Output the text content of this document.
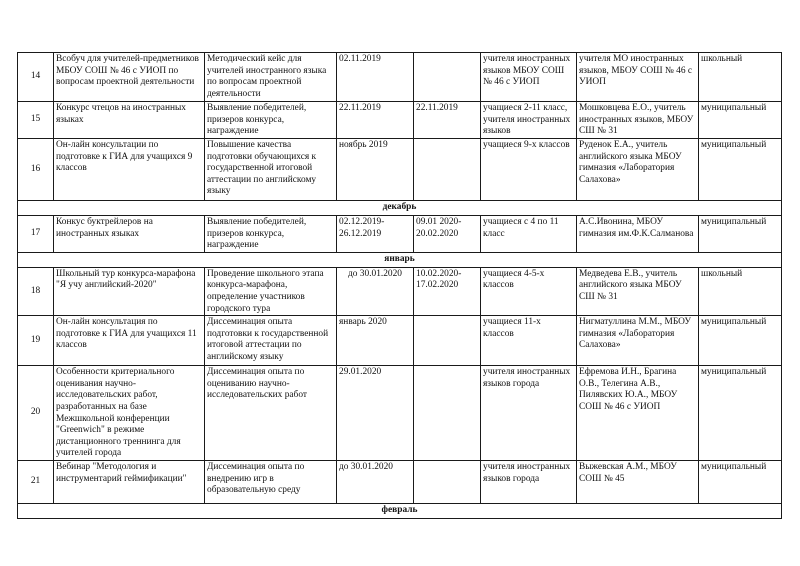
14	Всобуч для учителей-предметников МБОУ СОШ № 46 с УИОП по вопросам проектной деятельности	Методический кейс для учителей иностранного языка по вопросам проектной деятельности	02.11.2019		учителя иностранных языков МБОУ СОШ № 46 с УИОП	учителя МО иностранных языков, МБОУ СОШ № 46 с УИОП	школьный
15	Конкурс чтецов на иностранных языках	Выявление победителей, призеров конкурса, награждение	22.11.2019	22.11.2019	учащиеся 2-11 класс, учителя иностранных языков	Мошковцева Е.О., учитель иностранных языков, МБОУ СШ № 31	муниципальный
16	Он-лайн консультации по подготовке к ГИА для учащихся 9 классов	Повышение качества подготовки обучающихся к государственной итоговой аттестации по английскому языку	ноябрь 2019		учащиеся 9-х классов	Руденок Е.А., учитель английского языка МБОУ гимназия «Лаборатория Салахова»	муниципальный
декабрь							
17	Конкус буктрейлеров на иностранных языках	Выявление победителей, призеров конкурса, награждение	02.12.2019-26.12.2019	09.01 2020-20.02.2020	учащиеся с 4 по 11 класс	А.С.Ивонина, МБОУ гимназия им.Ф.К.Салманова	муниципальный
январь							
18	Школьный тур конкурса-марафона "Я учу английский-2020"	Проведение школьного этапа конкурса-марафона, определение участников городского тура	до 30.01.2020	10.02.2020-17.02.2020	учащиеся 4-5-х классов	Медведева Е.В., учитель английского языка МБОУ СШ № 31	школьный
19	Он-лайн консультация по подготовке к ГИА для учащихся 11 классов	Диссеминация опыта подготовки к государственной итоговой аттестации по английскому языку	январь 2020		учащиеся 11-х классов	Нигматуллина М.М., МБОУ гимназия «Лаборатория Салахова»	муниципальный
20	Особенности критериального оценивания научно-исследовательских работ, разработанных на базе Межшкольной конференции "Greenwich" в режиме дистанционного треннинга для учителей города	Диссеминация опыта по оцениванию научно-исследовательских работ	29.01.2020		учителя иностранных языков города	Ефремова И.Н., Брагина О.В., Телегина А.В., Пилявских Ю.А., МБОУ СОШ № 46 с УИОП	муниципальный
21	Вебинар "Методология и инструментарий геймификации"	Диссеминация опыта по внедрению игр в образовательную среду	до 30.01.2020		учителя иностранных языков города	Выжевская А.М., МБОУ СОШ № 45	муниципальный
февраль							
